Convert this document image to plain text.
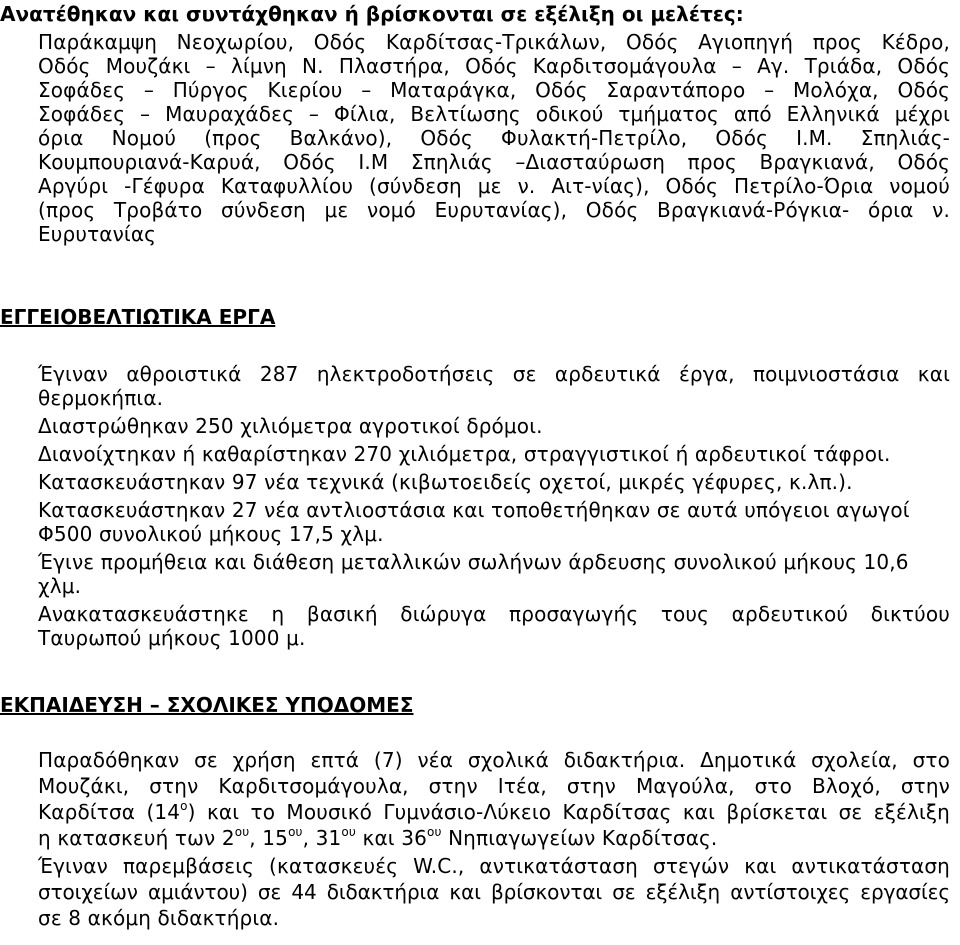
Ανατέθηκαν και συντάχθηκαν ή βρίσκονται σε εξέλιξη οι μελέτες:
Παράκαμψη Νεοχωρίου, Οδός Καρδίτσας-Τρικάλων, Οδός Αγιοπηγή προς Κέδρο,
Οδός Μουζάκι – λίμνη Ν. Πλαστήρα, Οδός Καρδιτσομάγουλα – Αγ. Τριάδα, Οδός
Σοφάδες – Πύργος Κιερίου – Ματαράγκα, Οδός Σαραντάπορο – Μολόχα, Οδός
Σοφάδες – Μαυραχάδες – Φίλια, Βελτίωσης οδικού τμήματος από Ελληνικά μέχρι
όρια Νομού (προς Βαλκάνο), Οδός Φυλακτή-Πετρίλο, Οδός Ι.Μ. Σπηλιάς-
Κουμπουριανά-Καρυά, Οδός Ι.Μ Σπηλιάς –Διασταύρωση προς Βραγκιανά, Οδός
Αργύρι -Γέφυρα Καταφυλλίου (σύνδεση με ν. Αιτ-νίας), Οδός Πετρίλο-Όρια νομού
(προς Τροβάτο σύνδεση με νομό Ευρυτανίας), Οδός Βραγκιανά-Ρόγκια- όρια ν.
Ευρυτανίας
ΕΓΓΕΙΟΒΕΛΤΙΩΤΙΚΑ ΕΡΓΑ
Έγιναν αθροιστικά 287 ηλεκτροδοτήσεις σε αρδευτικά έργα, ποιμνιοστάσια και
θερμοκήπια.
Διαστρώθηκαν 250 χιλιόμετρα αγροτικοί δρόμοι.
Διανοίχτηκαν ή καθαρίστηκαν 270 χιλιόμετρα, στραγγιστικοί ή αρδευτικοί τάφροι.
Κατασκευάστηκαν 97 νέα τεχνικά (κιβωτοειδείς οχετοί, μικρές γέφυρες, κ.λπ.).
Κατασκευάστηκαν 27 νέα αντλιοστάσια και τοποθετήθηκαν σε αυτά υπόγειοι αγωγοί
Φ500 συνολικού μήκους 17,5 χλμ.
Έγινε προμήθεια και διάθεση μεταλλικών σωλήνων άρδευσης συνολικού μήκους 10,6
χλμ.
Ανακατασκευάστηκε η βασική διώρυγα προσαγωγής τους αρδευτικού δικτύου
Ταυρωπού μήκους 1000 μ.
ΕΚΠΑΙΔΕΥΣΗ – ΣΧΟΛΙΚΕΣ ΥΠΟΔΟΜΕΣ
Παραδόθηκαν σε χρήση επτά (7) νέα σχολικά διδακτήρια. Δημοτικά σχολεία, στο
Μουζάκι, στην Καρδιτσομάγουλα, στην Ιτέα, στην Μαγούλα, στο Βλοχό, στην
Καρδίτσα $(14^o)$ και το Μουσικό Γυμνάσιο-Λύκειο Καρδίτσας και βρίσκεται σε εξέλιξη
η κατασκευή των $2^{o\upsilon}$, $15^{o\upsilon}$, $31^{o\upsilon}$ και $36^{o\upsilon}$ Νηπιαγωγείων Καρδίτσας.
Έγιναν παρεμβάσεις (κατασκευές W.C., αντικατάσταση στεγών και αντικατάσταση
στοιχείων αμιάντου) σε 44 διδακτήρια και βρίσκονται σε εξέλιξη αντίστοιχες εργασίες
σε 8 ακόμη διδακτήρια.
